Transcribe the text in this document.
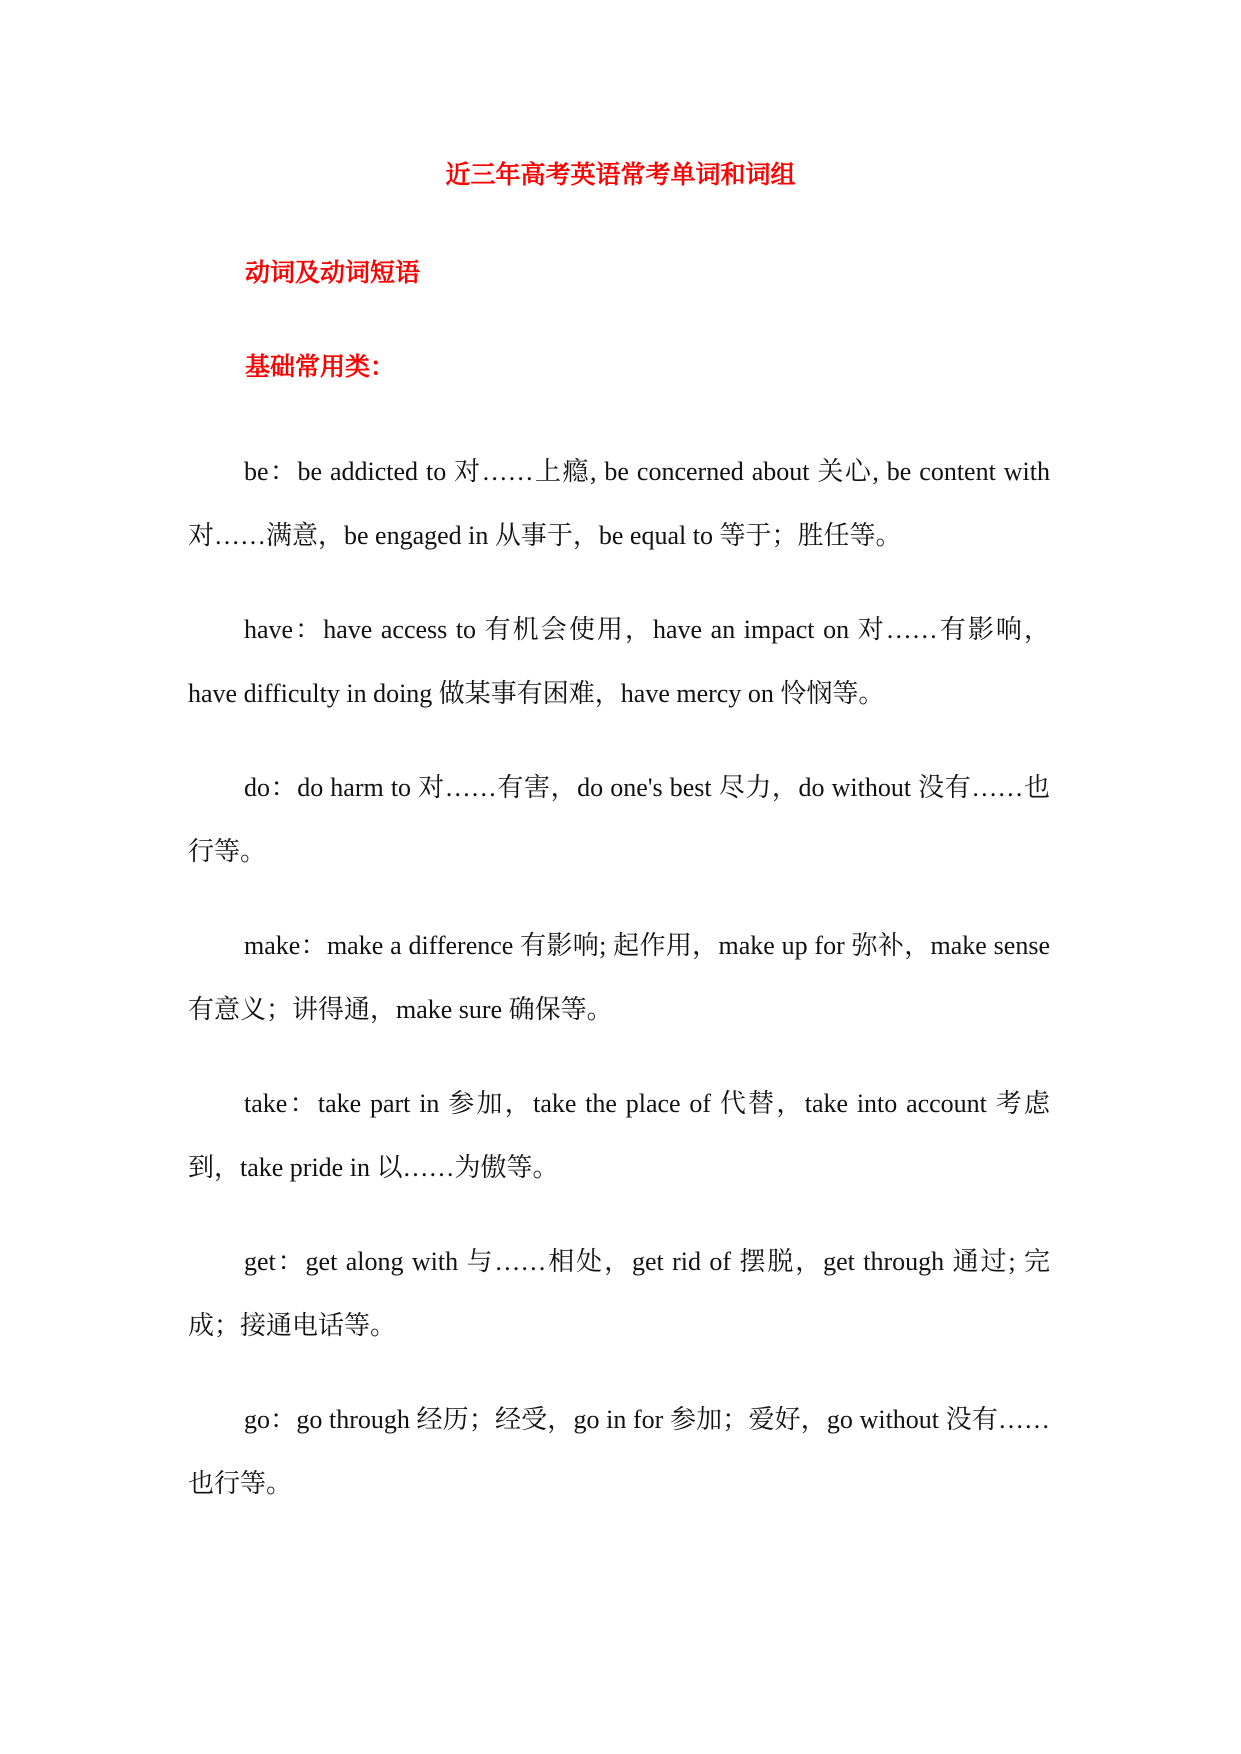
近三年高考英语常考单词和词组
动词及动词短语
基础常用类：

be：be addicted to 对……上瘾, be concerned about 关心, be content with 对……满意，be engaged in 从事于，be equal to 等于；胜任等。

have：have access to 有机会使用，have an impact on 对……有影响，have difficulty in doing 做某事有困难，have mercy on 怜悯等。

do：do harm to 对……有害，do one's best 尽力，do without 没有……也行等。

make：make a difference 有影响; 起作用，make up for 弥补，make sense 有意义；讲得通，make sure 确保等。

take：take part in 参加，take the place of 代替，take into account 考虑到，take pride in 以……为傲等。

get：get along with 与……相处，get rid of 摆脱，get through 通过; 完成；接通电话等。

go：go through 经历；经受，go in for 参加；爱好，go without 没有……也行等。
